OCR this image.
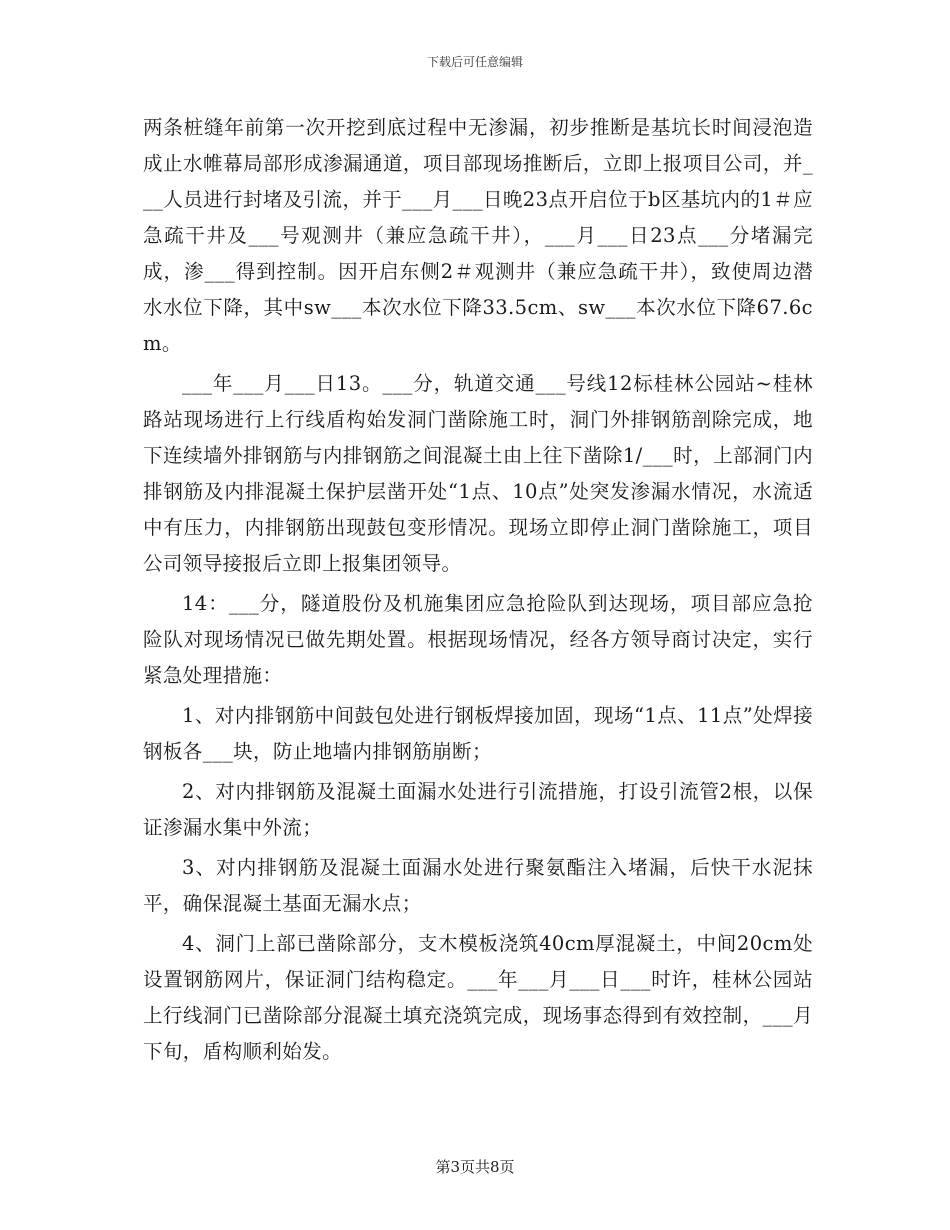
下载后可任意编辑

两条桩缝年前第一次开挖到底过程中无渗漏，初步推断是基坑长时间浸泡造成止水帷幕局部形成渗漏通道，项目部现场推断后，立即上报项目公司，并___人员进行封堵及引流，并于___月___日晚23点开启位于b区基坑内的1＃应急疏干井及___号观测井（兼应急疏干井），___月___日23点___分堵漏完成，渗___得到控制。因开启东侧2＃观测井（兼应急疏干井），致使周边潜水水位下降，其中sw___本次水位下降33.5cm、sw___本次水位下降67.6cm。

___年___月___日13。___分，轨道交通___号线12标桂林公园站~桂林路站现场进行上行线盾构始发洞门凿除施工时，洞门外排钢筋剖除完成，地下连续墙外排钢筋与内排钢筋之间混凝土由上往下凿除1/___时，上部洞门内排钢筋及内排混凝土保护层凿开处“1点、10点”处突发渗漏水情况，水流适中有压力，内排钢筋出现鼓包变形情况。现场立即停止洞门凿除施工，项目公司领导接报后立即上报集团领导。

14：___分，隧道股份及机施集团应急抢险队到达现场，项目部应急抢险队对现场情况已做先期处置。根据现场情况，经各方领导商讨决定，实行紧急处理措施：

1、对内排钢筋中间鼓包处进行钢板焊接加固，现场“1点、11点”处焊接钢板各___块，防止地墙内排钢筋崩断；

2、对内排钢筋及混凝土面漏水处进行引流措施，打设引流管2根，以保证渗漏水集中外流；

3、对内排钢筋及混凝土面漏水处进行聚氨酯注入堵漏，后快干水泥抹平，确保混凝土基面无漏水点；

4、洞门上部已凿除部分，支木模板浇筑40cm厚混凝土，中间20cm处设置钢筋网片，保证洞门结构稳定。___年___月___日___时许，桂林公园站上行线洞门已凿除部分混凝土填充浇筑完成，现场事态得到有效控制，___月下旬，盾构顺利始发。

第3页共8页
